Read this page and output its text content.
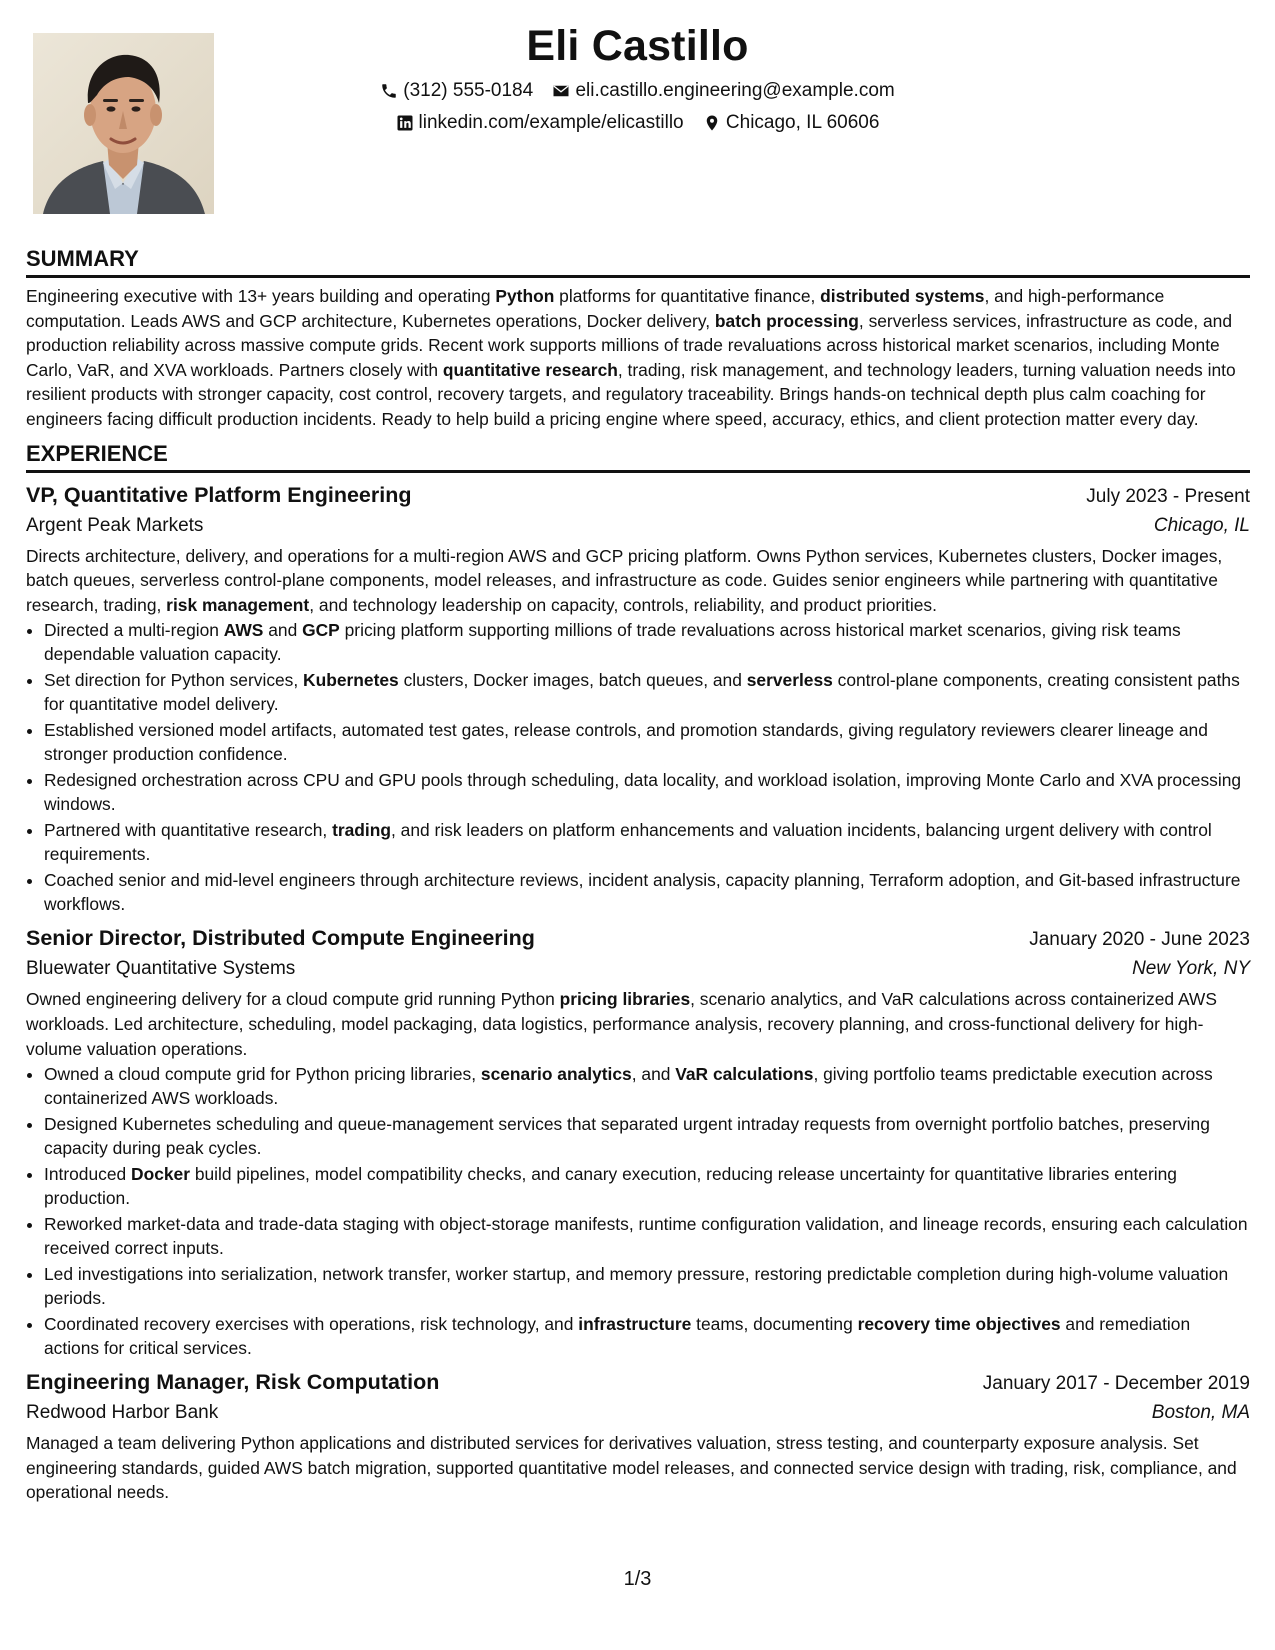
Eli Castillo
(312) 555-0184
eli.castillo.engineering@example.com
linkedin.com/example/elicastillo
Chicago, IL 60606
SUMMARY

Engineering executive with 13+ years building and operating Python platforms for quantitative finance, distributed systems, and high-performance computation. Leads AWS and GCP architecture, Kubernetes operations, Docker delivery, batch processing, serverless services, infrastructure as code, and production reliability across massive compute grids. Recent work supports millions of trade revaluations across historical market scenarios, including Monte Carlo, VaR, and XVA workloads. Partners closely with quantitative research, trading, risk management, and technology leaders, turning valuation needs into resilient products with stronger capacity, cost control, recovery targets, and regulatory traceability. Brings hands-on technical depth plus calm coaching for engineers facing difficult production incidents. Ready to help build a pricing engine where speed, accuracy, ethics, and client protection matter every day.

EXPERIENCE
VP, Quantitative Platform Engineering	July 2023 - Present
Argent Peak Markets	Chicago, IL
Directs architecture, delivery, and operations for a multi-region AWS and GCP pricing platform. Owns Python services, Kubernetes clusters, Docker images, batch queues, serverless control-plane components, model releases, and infrastructure as code. Guides senior engineers while partnering with quantitative research, trading, risk management, and technology leadership on capacity, controls, reliability, and product priorities.
• Directed a multi-region AWS and GCP pricing platform supporting millions of trade revaluations across historical market scenarios, giving risk teams dependable valuation capacity.
• Set direction for Python services, Kubernetes clusters, Docker images, batch queues, and serverless control-plane components, creating consistent paths for quantitative model delivery.
• Established versioned model artifacts, automated test gates, release controls, and promotion standards, giving regulatory reviewers clearer lineage and stronger production confidence.
• Redesigned orchestration across CPU and GPU pools through scheduling, data locality, and workload isolation, improving Monte Carlo and XVA processing windows.
• Partnered with quantitative research, trading, and risk leaders on platform enhancements and valuation incidents, balancing urgent delivery with control requirements.
• Coached senior and mid-level engineers through architecture reviews, incident analysis, capacity planning, Terraform adoption, and Git-based infrastructure workflows.
Senior Director, Distributed Compute Engineering	January 2020 - June 2023
Bluewater Quantitative Systems	New York, NY
Owned engineering delivery for a cloud compute grid running Python pricing libraries, scenario analytics, and VaR calculations across containerized AWS workloads. Led architecture, scheduling, model packaging, data logistics, performance analysis, recovery planning, and cross-functional delivery for high-volume valuation operations.
• Owned a cloud compute grid for Python pricing libraries, scenario analytics, and VaR calculations, giving portfolio teams predictable execution across containerized AWS workloads.
• Designed Kubernetes scheduling and queue-management services that separated urgent intraday requests from overnight portfolio batches, preserving capacity during peak cycles.
• Introduced Docker build pipelines, model compatibility checks, and canary execution, reducing release uncertainty for quantitative libraries entering production.
• Reworked market-data and trade-data staging with object-storage manifests, runtime configuration validation, and lineage records, ensuring each calculation received correct inputs.
• Led investigations into serialization, network transfer, worker startup, and memory pressure, restoring predictable completion during high-volume valuation periods.
• Coordinated recovery exercises with operations, risk technology, and infrastructure teams, documenting recovery time objectives and remediation actions for critical services.
Engineering Manager, Risk Computation	January 2017 - December 2019
Redwood Harbor Bank	Boston, MA
Managed a team delivering Python applications and distributed services for derivatives valuation, stress testing, and counterparty exposure analysis. Set engineering standards, guided AWS batch migration, supported quantitative model releases, and connected service design with trading, risk, compliance, and operational needs.
1/3
